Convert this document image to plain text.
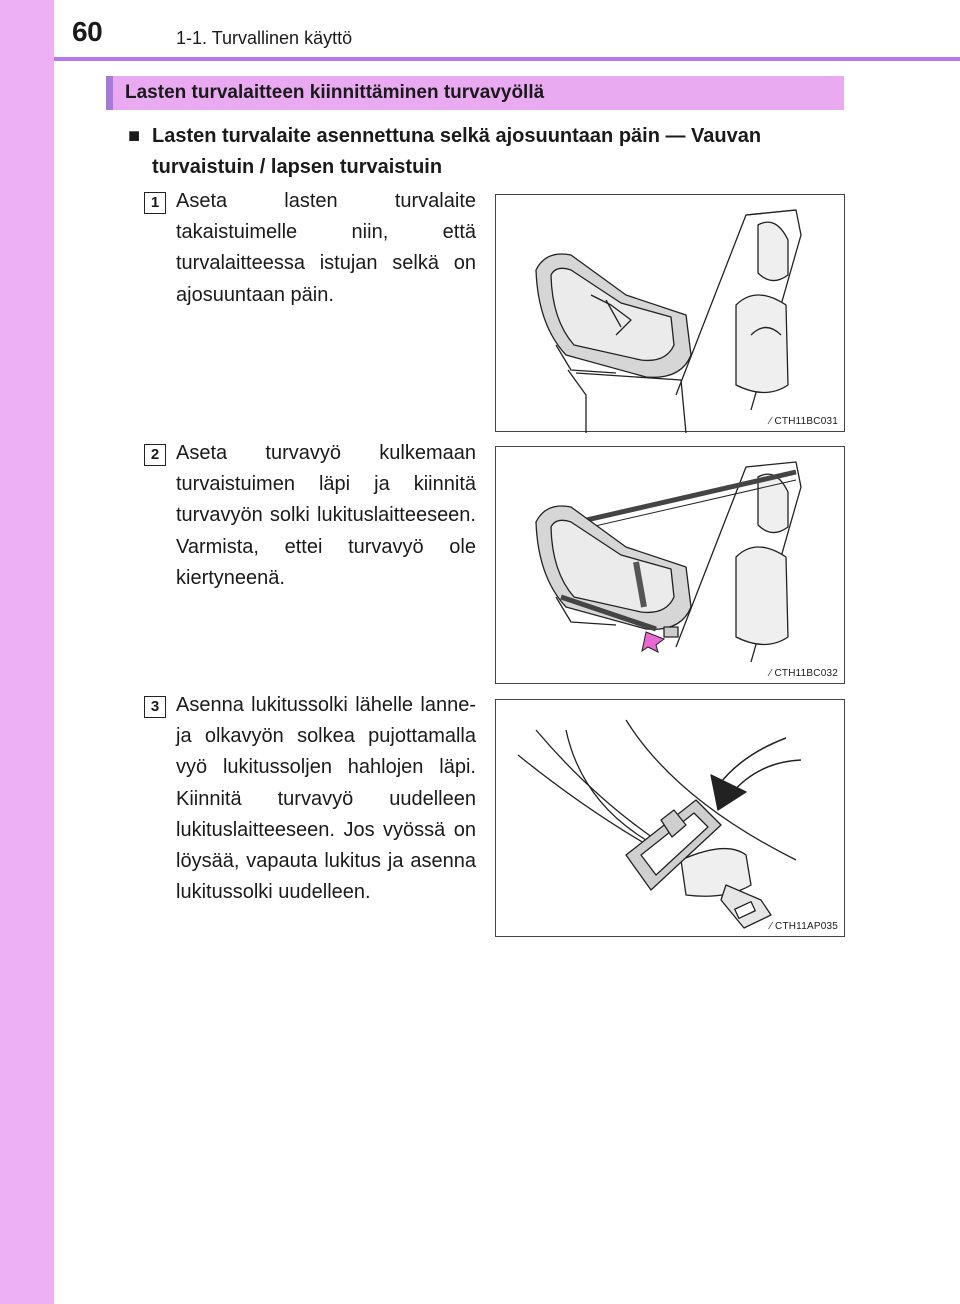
60	1-1. Turvallinen käyttö
Lasten turvalaitteen kiinnittäminen turvavyöllä
■ Lasten turvalaite asennettuna selkä ajosuuntaan päin — Vauvan turvaistuin / lapsen turvaistuin
1 Aseta lasten turvalaite takaistuimelle niin, että turvalaitteessa istujan selkä on ajosuuntaan päin.
⁄ CTH11BC031
2 Aseta turvavyö kulkemaan turvaistuimen läpi ja kiinnitä turvavyön solki lukituslaitteeseen. Varmista, ettei turvavyö ole kiertyneenä.
⁄ CTH11BC032
3 Asenna lukitussolki lähelle lanne- ja olkavyön solkea pujottamalla vyö lukitussoljen hahlojen läpi. Kiinnitä turvavyö uudelleen lukituslaitteeseen. Jos vyössä on löysää, vapauta lukitus ja asenna lukitussolki uudelleen.
⁄ CTH11AP035
